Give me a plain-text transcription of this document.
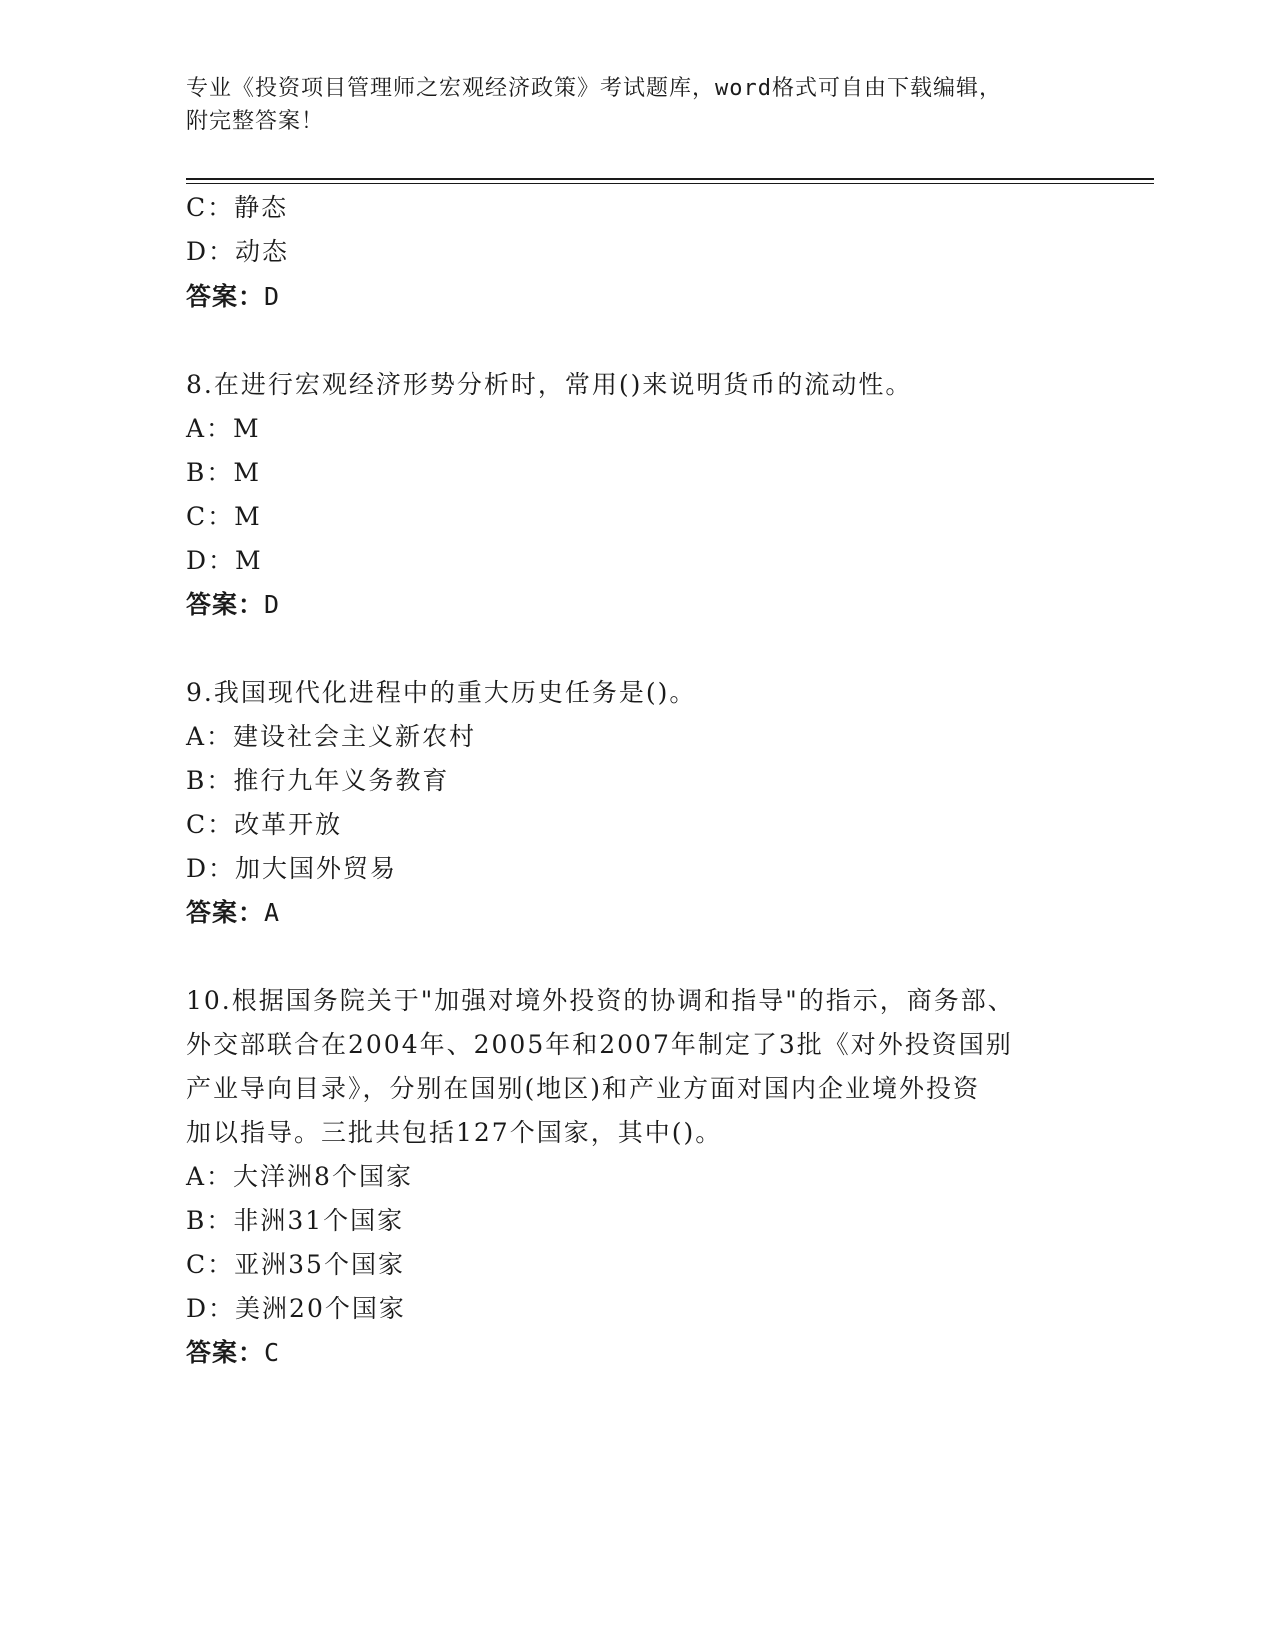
专业《投资项目管理师之宏观经济政策》考试题库，word格式可自由下载编辑，
附完整答案！
C：静态
D：动态
答案：D
8.在进行宏观经济形势分析时，常用()来说明货币的流动性。
A：M
B：M
C：M
D：M
答案：D
9.我国现代化进程中的重大历史任务是()。
A：建设社会主义新农村
B：推行九年义务教育
C：改革开放
D：加大国外贸易
答案：A
10.根据国务院关于"加强对境外投资的协调和指导"的指示，商务部、
外交部联合在2004年、2005年和2007年制定了3批《对外投资国别
产业导向目录》，分别在国别(地区)和产业方面对国内企业境外投资
加以指导。三批共包括127个国家，其中()。
A：大洋洲8个国家
B：非洲31个国家
C：亚洲35个国家
D：美洲20个国家
答案：C
